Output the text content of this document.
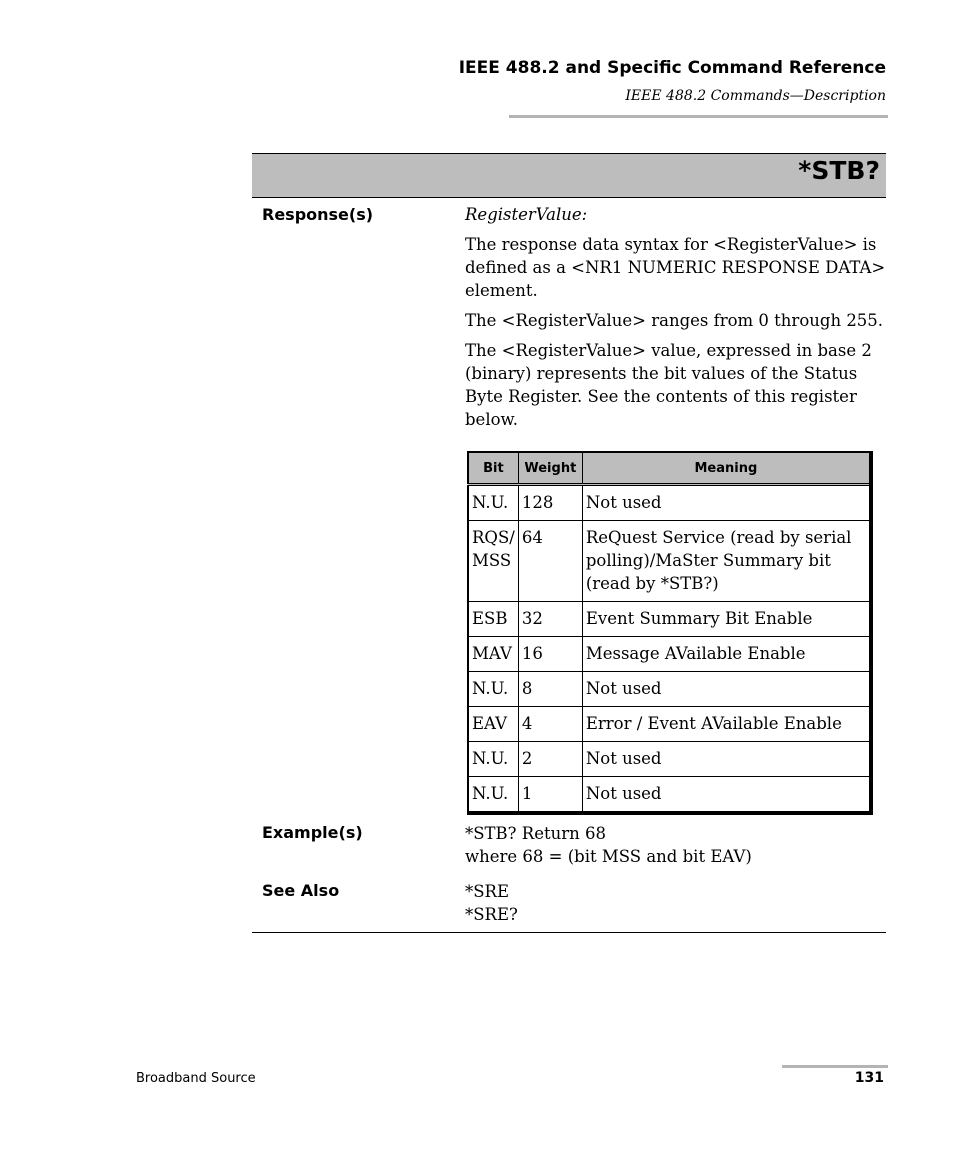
IEEE 488.2 and Specific Command Reference
IEEE 488.2 Commands—Description
*STB?
Response(s)	RegisterValue:

The response data syntax for <RegisterValue> is defined as a <NR1 NUMERIC RESPONSE DATA> element.

The <RegisterValue> ranges from 0 through 255.

The <RegisterValue> value, expressed in base 2 (binary) represents the bit values of the Status Byte Register. See the contents of this register below.

Bit	Weight	Meaning
N.U.	128	Not used
RQS/ MSS	64	ReQuest Service (read by serial polling)/MaSter Summary bit (read by *STB?)
ESB	32	Event Summary Bit Enable
MAV	16	Message AVailable Enable
N.U.	8	Not used
EAV	4	Error / Event AVailable Enable
N.U.	2	Not used
N.U.	1	Not used
Example(s)	*STB? Return 68

where 68 = (bit MSS and bit EAV)

See Also	*SRE

*SRE?

Broadband Source	131
